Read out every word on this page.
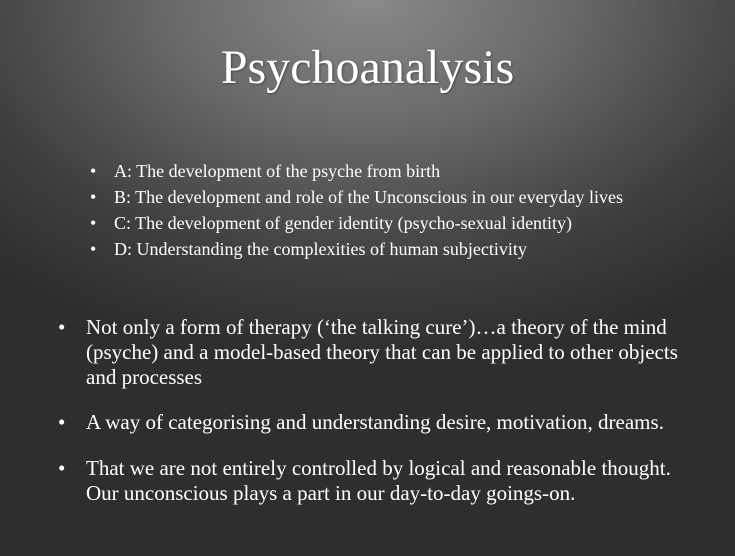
Psychoanalysis
• A: The development of the psyche from birth
• B: The development and role of the Unconscious in our everyday lives
• C: The development of gender identity (psycho-sexual identity)
• D: Understanding the complexities of human subjectivity
• Not only a form of therapy (‘the talking cure’)…a theory of the mind (psyche) and a model-based theory that can be applied to other objects and processes
• A way of categorising and understanding desire, motivation, dreams.
• That we are not entirely controlled by logical and reasonable thought. Our unconscious plays a part in our day-to-day goings-on.
